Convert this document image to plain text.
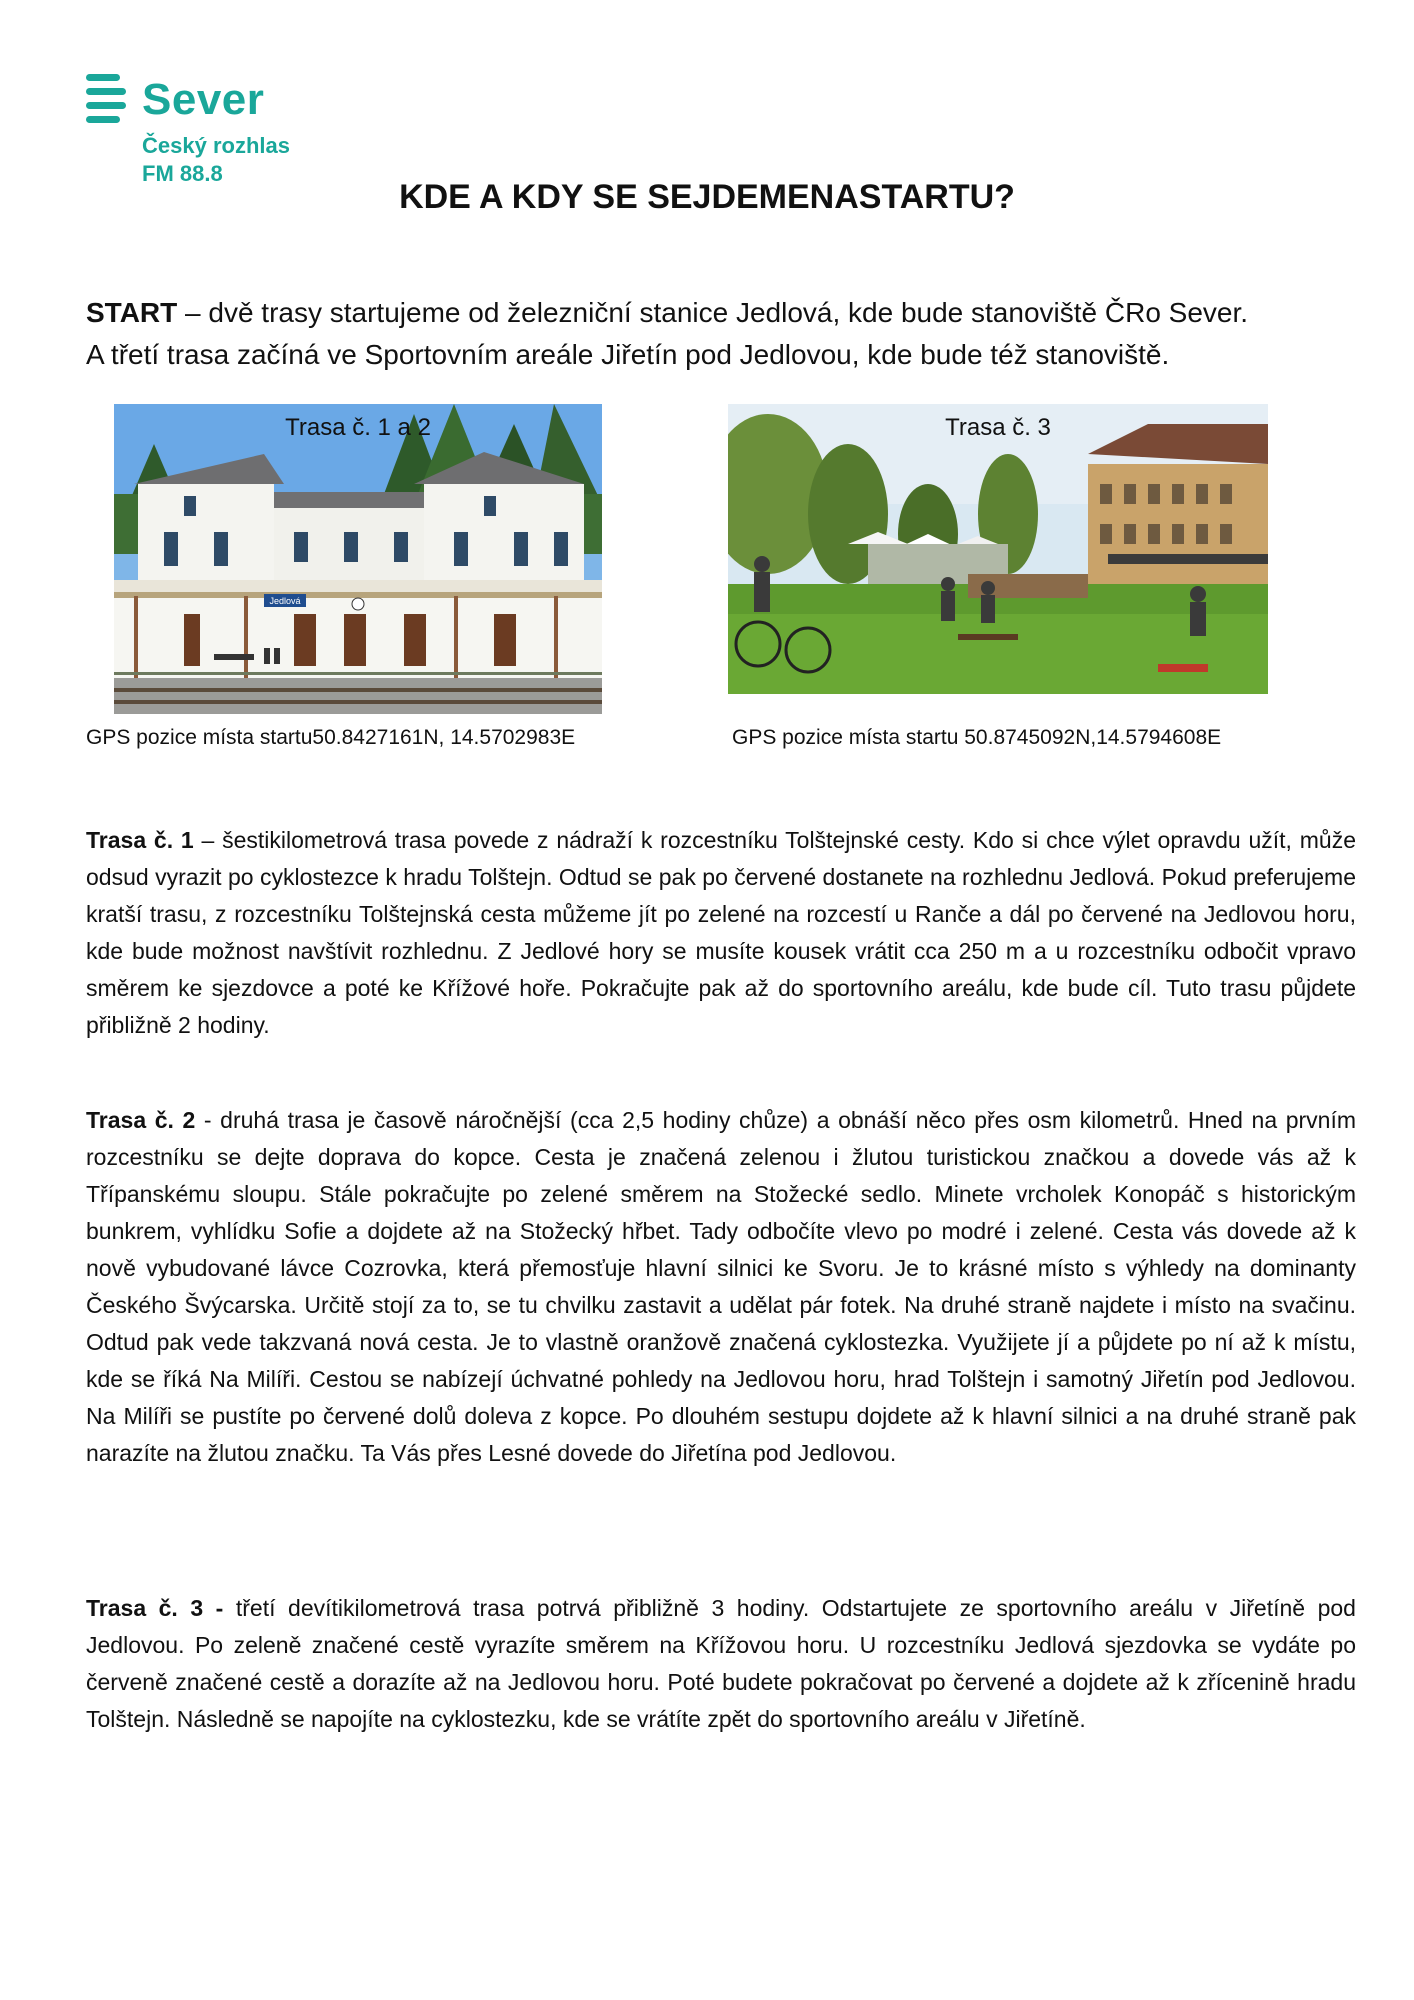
Sever
Český rozhlas
FM 88.8
KDE A KDY SE SEJDEMENASTARTU?
START – dvě trasy startujeme od železniční stanice Jedlová, kde bude stanoviště ČRo Sever.
A třetí trasa začíná ve Sportovním areále Jiřetín pod Jedlovou, kde bude též stanoviště.
Jedlová
Trasa č. 1 a 2	Trasa č. 3
GPS pozice místa startu50.8427161N, 14.5702983E	GPS pozice místa startu 50.8745092N,14.5794608E
Trasa č. 1 – šestikilometrová trasa povede z nádraží k rozcestníku Tolštejnské cesty. Kdo si chce výlet opravdu užít, může odsud vyrazit po cyklostezce k hradu Tolštejn. Odtud se pak po červené dostanete na rozhlednu Jedlová. Pokud preferujeme kratší trasu, z rozcestníku Tolštejnská cesta můžeme jít po zelené na rozcestí u Ranče a dál po červené na Jedlovou horu, kde bude možnost navštívit rozhlednu. Z Jedlové hory se musíte kousek vrátit cca 250 m a u rozcestníku odbočit vpravo směrem ke sjezdovce a poté ke Křížové hoře. Pokračujte pak až do sportovního areálu, kde bude cíl. Tuto trasu půjdete přibližně 2 hodiny.
Trasa č. 2 - druhá trasa je časově náročnější (cca 2,5 hodiny chůze) a obnáší něco přes osm kilometrů. Hned na prvním rozcestníku se dejte doprava do kopce. Cesta je značená zelenou i žlutou turistickou značkou a dovede vás až k Třípanskému sloupu. Stále pokračujte po zelené směrem na Stožecké sedlo. Minete vrcholek Konopáč s historickým bunkrem, vyhlídku Sofie a dojdete až na Stožecký hřbet. Tady odbočíte vlevo po modré i zelené. Cesta vás dovede až k nově vybudované lávce Cozrovka, která přemosťuje hlavní silnici ke Svoru. Je to krásné místo s výhledy na dominanty Českého Švýcarska. Určitě stojí za to, se tu chvilku zastavit a udělat pár fotek. Na druhé straně najdete i místo na svačinu. Odtud pak vede takzvaná nová cesta. Je to vlastně oranžově značená cyklostezka. Využijete jí a půjdete po ní až k místu, kde se říká Na Milíři. Cestou se nabízejí úchvatné pohledy na Jedlovou horu, hrad Tolštejn i samotný Jiřetín pod Jedlovou. Na Milíři se pustíte po červené dolů doleva z kopce. Po dlouhém sestupu dojdete až k hlavní silnici a na druhé straně pak narazíte na žlutou značku. Ta Vás přes Lesné dovede do Jiřetína pod Jedlovou.
Trasa č. 3 - třetí devítikilometrová trasa potrvá přibližně 3 hodiny. Odstartujete ze sportovního areálu v Jiřetíně pod Jedlovou. Po zeleně značené cestě vyrazíte směrem na Křížovou horu. U rozcestníku Jedlová sjezdovka se vydáte po červeně značené cestě a dorazíte až na Jedlovou horu. Poté budete pokračovat po červené a dojdete až k zřícenině hradu Tolštejn. Následně se napojíte na cyklostezku, kde se vrátíte zpět do sportovního areálu v Jiřetíně.
